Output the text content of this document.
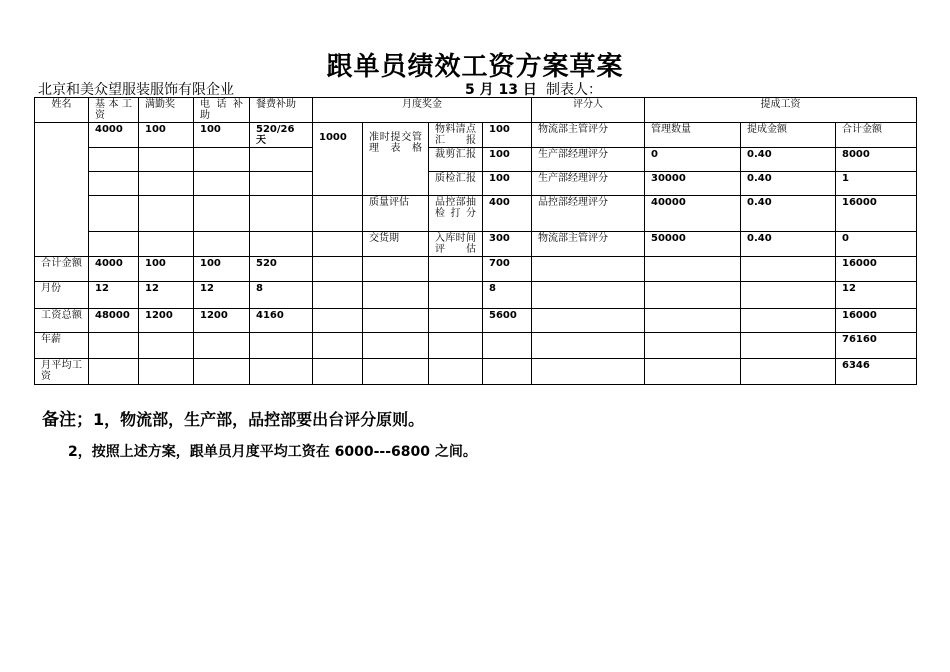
跟单员绩效工资方案草案
北京和美众望服装服饰有限企业	5 月 13 日 制表人：
姓名	基本工资	满勤奖	电 话 补助	餐费补助	月度奖金				评分人	提成工资		
	4000	100	100	520/26 天	1000	准时提交管理表格	物料清点汇报	100	物流部主管评分	管理数量	提成金额	合计金额
							裁剪汇报	100	生产部经理评分	0	0.40	8000
							质检汇报	100	生产部经理评分	30000	0.40	1
						质量评估	品控部抽检打分	400	品控部经理评分	40000	0.40	16000
						交货期	入库时间评估	300	物流部主管评分	50000	0.40	0
合计金额	4000	100	100	520				700				16000
月份	12	12	12	8				8				12
工资总额	48000	1200	1200	4160				5600				16000
年薪												76160
月平均工资												6346
备注；1，物流部，生产部，品控部要出台评分原则。
2，按照上述方案，跟单员月度平均工资在 6000---6800 之间。
